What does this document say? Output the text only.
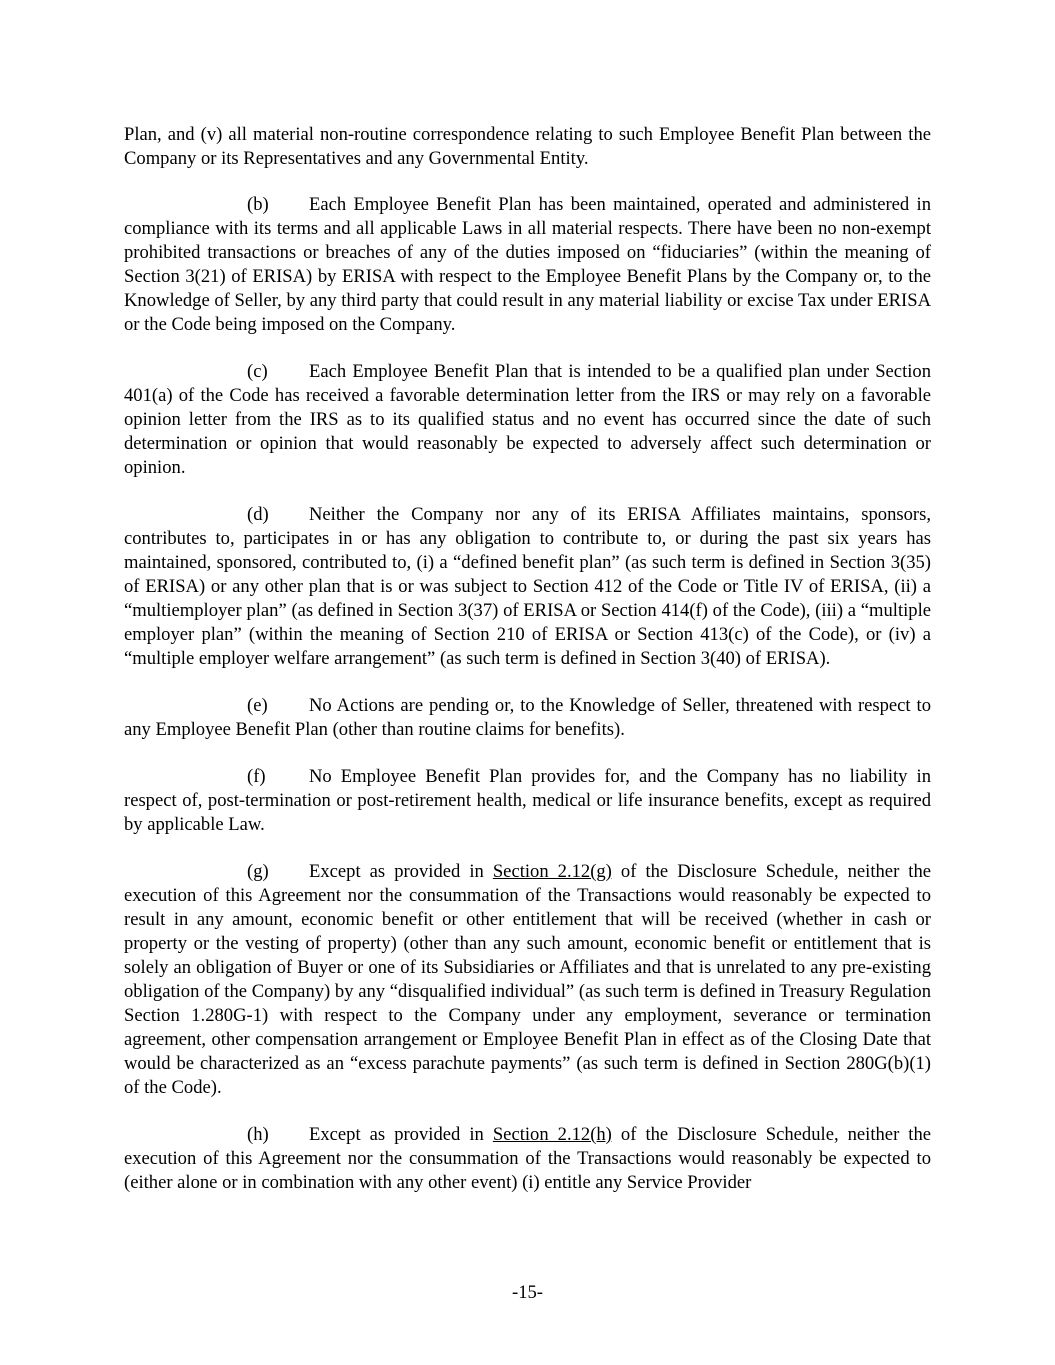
Plan, and (v) all material non-routine correspondence relating to such Employee Benefit Plan between the Company or its Representatives and any Governmental Entity.

(b) Each Employee Benefit Plan has been maintained, operated and administered in compliance with its terms and all applicable Laws in all material respects. There have been no non-exempt prohibited transactions or breaches of any of the duties imposed on “fiduciaries” (within the meaning of Section 3(21) of ERISA) by ERISA with respect to the Employee Benefit Plans by the Company or, to the Knowledge of Seller, by any third party that could result in any material liability or excise Tax under ERISA or the Code being imposed on the Company.

(c) Each Employee Benefit Plan that is intended to be a qualified plan under Section 401(a) of the Code has received a favorable determination letter from the IRS or may rely on a favorable opinion letter from the IRS as to its qualified status and no event has occurred since the date of such determination or opinion that would reasonably be expected to adversely affect such determination or opinion.

(d) Neither the Company nor any of its ERISA Affiliates maintains, sponsors, contributes to, participates in or has any obligation to contribute to, or during the past six years has maintained, sponsored, contributed to, (i) a “defined benefit plan” (as such term is defined in Section 3(35) of ERISA) or any other plan that is or was subject to Section 412 of the Code or Title IV of ERISA, (ii) a “multiemployer plan” (as defined in Section 3(37) of ERISA or Section 414(f) of the Code), (iii) a “multiple employer plan” (within the meaning of Section 210 of ERISA or Section 413(c) of the Code), or (iv) a “multiple employer welfare arrangement” (as such term is defined in Section 3(40) of ERISA).

(e) No Actions are pending or, to the Knowledge of Seller, threatened with respect to any Employee Benefit Plan (other than routine claims for benefits).

(f) No Employee Benefit Plan provides for, and the Company has no liability in respect of, post-termination or post-retirement health, medical or life insurance benefits, except as required by applicable Law.

(g) Except as provided in Section 2.12(g) of the Disclosure Schedule, neither the execution of this Agreement nor the consummation of the Transactions would reasonably be expected to result in any amount, economic benefit or other entitlement that will be received (whether in cash or property or the vesting of property) (other than any such amount, economic benefit or entitlement that is solely an obligation of Buyer or one of its Subsidiaries or Affiliates and that is unrelated to any pre-existing obligation of the Company) by any “disqualified individual” (as such term is defined in Treasury Regulation Section 1.280G-1) with respect to the Company under any employment, severance or termination agreement, other compensation arrangement or Employee Benefit Plan in effect as of the Closing Date that would be characterized as an “excess parachute payments” (as such term is defined in Section 280G(b)(1) of the Code).

(h) Except as provided in Section 2.12(h) of the Disclosure Schedule, neither the execution of this Agreement nor the consummation of the Transactions would reasonably be expected to (either alone or in combination with any other event) (i) entitle any Service Provider

-15-
